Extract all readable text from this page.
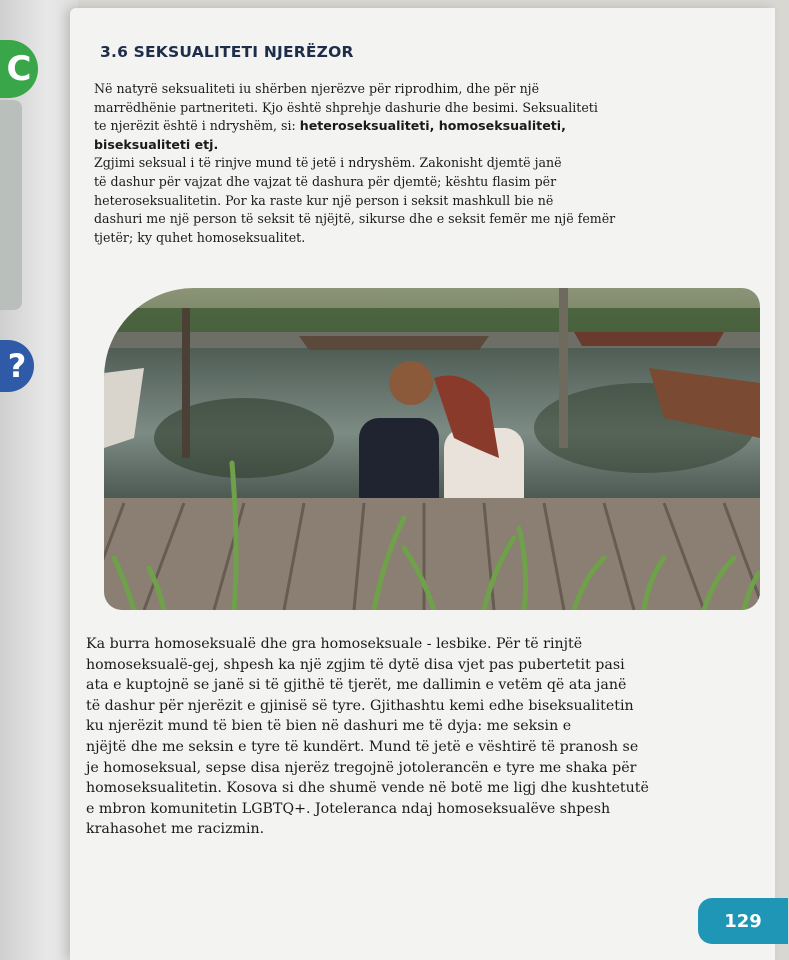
C
?
3.6 SEKSUALITETI NJERËZOR
Në natyrë seksualiteti iu shërben njerëzve për riprodhim, dhe për një
marrëdhënie partneriteti. Kjo është shprehje dashurie dhe besimi. Seksualiteti
te njerëzit është i ndryshëm, si: heteroseksualiteti, homoseksualiteti,
biseksualiteti etj.
Zgjimi seksual i të rinjve mund të jetë i ndryshëm. Zakonisht djemtë janë
të dashur për vajzat dhe vajzat të dashura për djemtë; kështu flasim për
heteroseksualitetin. Por ka raste kur një person i seksit mashkull bie në
dashuri me një person të seksit të njëjtë, sikurse dhe e seksit femër me një femër
tjetër; ky quhet homoseksualitet.
Ka burra homoseksualë dhe gra homoseksuale - lesbike. Për të rinjtë
homoseksualë-gej, shpesh ka një zgjim të dytë disa vjet pas pubertetit pasi
ata e kuptojnë se janë si të gjithë të tjerët, me dallimin e vetëm që ata janë
të dashur për njerëzit e gjinisë së tyre. Gjithashtu kemi edhe biseksualitetin
ku njerëzit mund të bien të bien në dashuri me të dyja: me seksin e
njëjtë dhe me seksin e tyre të kundërt. Mund të jetë e vështirë të pranosh se
je homoseksual, sepse disa njerëz tregojnë jotolerancën e tyre me shaka për
homoseksualitetin. Kosova si dhe shumë vende në botë me ligj dhe kushtetutë
e mbron komunitetin LGBTQ+. Joteleranca ndaj homoseksualëve shpesh
krahasohet me racizmin.
129
